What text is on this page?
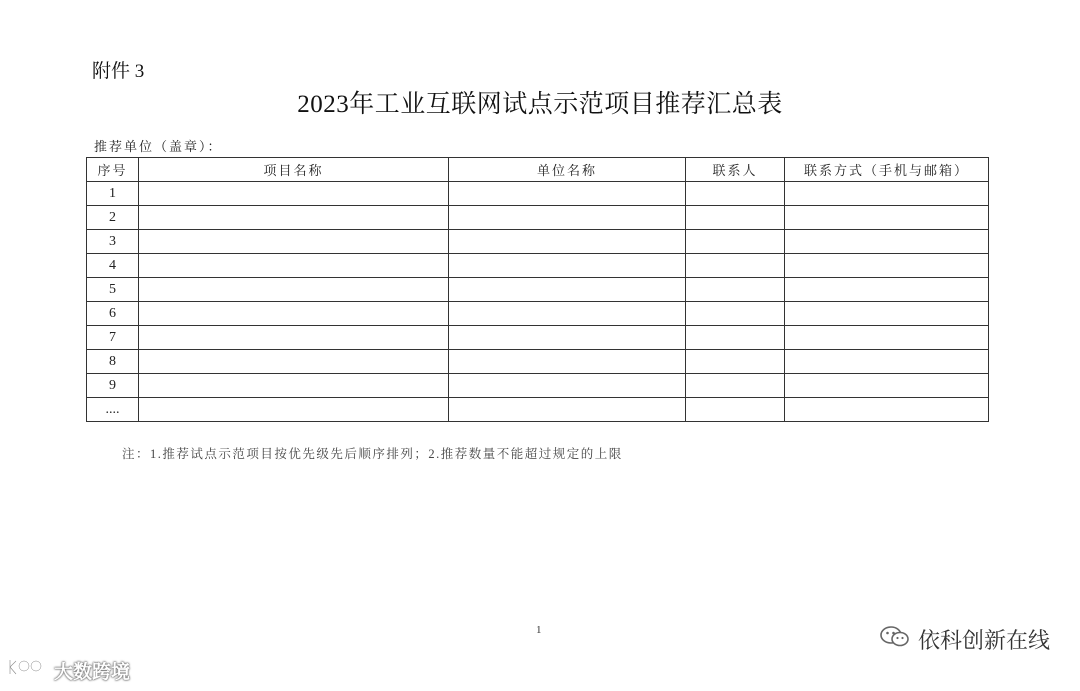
附件 3
2023年工业互联网试点示范项目推荐汇总表
推荐单位（盖章）：
序号	项目名称	单位名称	联系人	联系方式（手机与邮箱）
1				
2				
3				
4				
5				
6				
7				
8				
9				
....				
注：1.推荐试点示范项目按优先级先后顺序排列；2.推荐数量不能超过规定的上限
1	依科创新在线
大数跨境
